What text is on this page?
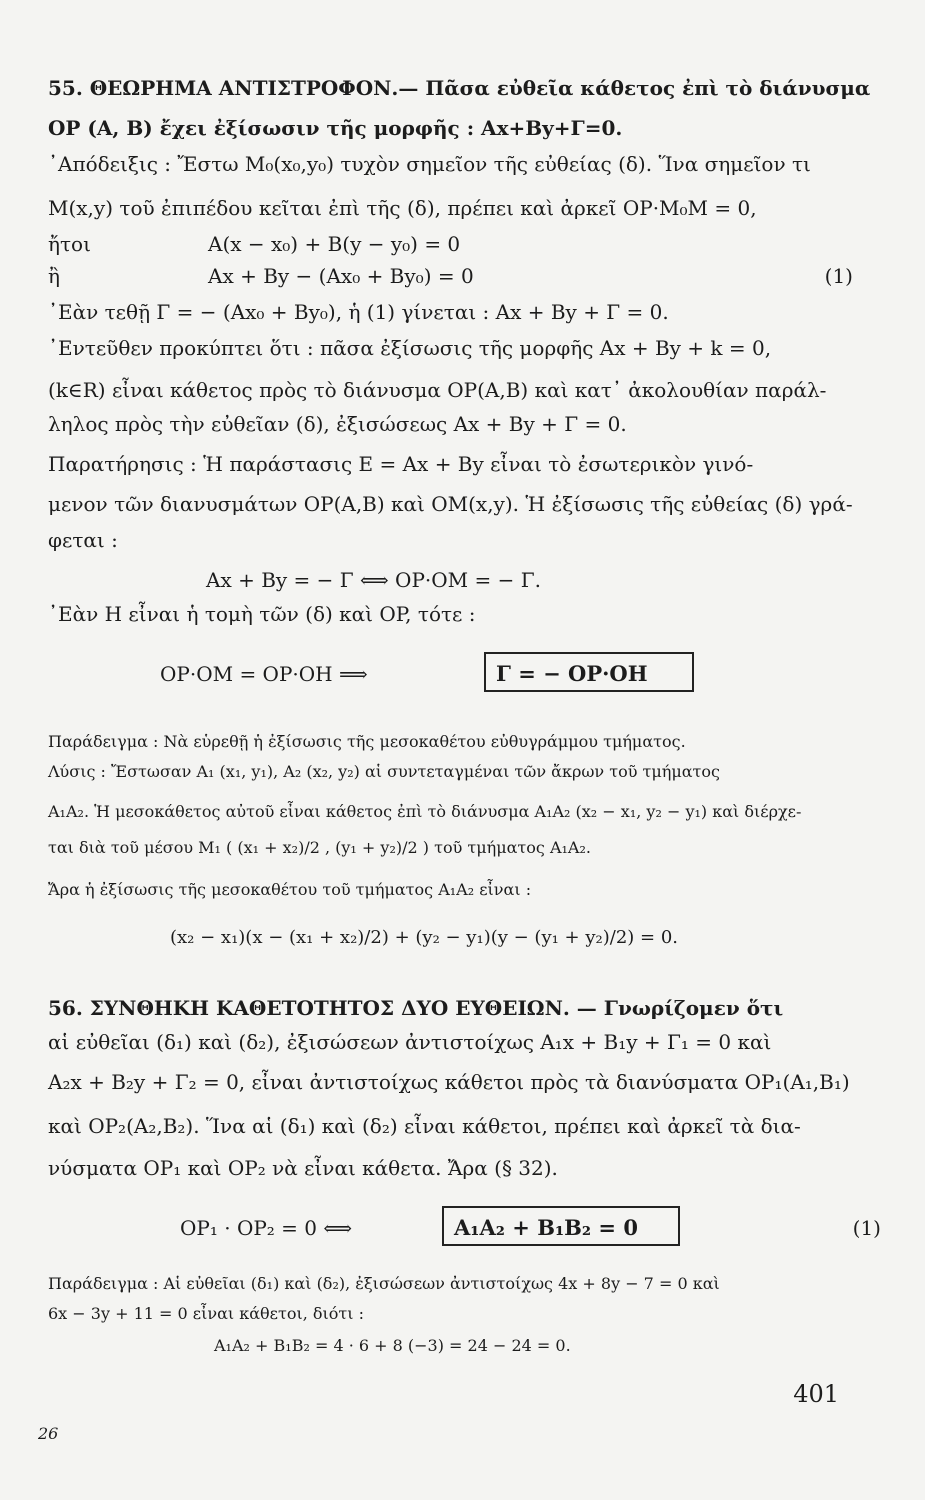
55. ΘΕΩΡΗΜΑ ΑΝΤΙΣΤΡΟΦΟΝ.— Πᾶσα εὐθεῖα κάθετος ἐπὶ τὸ διάνυσμα
OP (Α, Β) ἔχει ἐξίσωσιν τῆς μορφῆς : Ax+By+Γ=0.
᾿Απόδειξις : Ἔστω M₀(x₀,y₀) τυχὸν σημεῖον τῆς εὐθείας (δ). Ἵνα σημεῖον τι
M(x,y) τοῦ ἐπιπέδου κεῖται ἐπὶ τῆς (δ), πρέπει καὶ ἀρκεῖ OP·M₀M = 0,
ἤτοι	A(x − x₀) + B(y − y₀) = 0
ἢ	Ax + By − (Ax₀ + By₀) = 0	(1)
᾿Εὰν τεθῇ Γ = − (Ax₀ + By₀), ἡ (1) γίνεται : Ax + By + Γ = 0.
᾿Εντεῦθεν προκύπτει ὅτι : πᾶσα ἐξίσωσις τῆς μορφῆς Ax + By + k = 0,
(k∈R) εἶναι κάθετος πρὸς τὸ διάνυσμα OP(A,B) καὶ κατ᾿ ἀκολουθίαν παράλ-
ληλος πρὸς τὴν εὐθεῖαν (δ), ἐξισώσεως Ax + By + Γ = 0.
Παρατήρησις : Ἡ παράστασις E = Ax + By εἶναι τὸ ἐσωτερικὸν γινό-
μενον τῶν διανυσμάτων OP(A,B) καὶ OM(x,y). Ἡ ἐξίσωσις τῆς εὐθείας (δ) γρά-
φεται :
Ax + By = − Γ ⟺ OP·OM = − Γ.
᾿Εὰν Η εἶναι ἡ τομὴ τῶν (δ) καὶ OP, τότε :
OP·OM = OP·OH ⟹	Γ = − OP·OH
Παράδειγμα : Νὰ εὑρεθῇ ἡ ἐξίσωσις τῆς μεσοκαθέτου εὐθυγράμμου τμήματος.
Λύσις : Ἔστωσαν A₁ (x₁, y₁), A₂ (x₂, y₂) αἱ συντεταγμέναι τῶν ἄκρων τοῦ τμήματος
A₁A₂. Ἡ μεσοκάθετος αὐτοῦ εἶναι κάθετος ἐπὶ τὸ διάνυσμα A₁A₂ (x₂ − x₁, y₂ − y₁) καὶ διέρχε-
ται διὰ τοῦ μέσου M₁ ( (x₁ + x₂)/2 , (y₁ + y₂)/2 ) τοῦ τμήματος A₁A₂.
Ἄρα ἡ ἐξίσωσις τῆς μεσοκαθέτου τοῦ τμήματος A₁A₂ εἶναι :
(x₂ − x₁)(x − (x₁ + x₂)/2) + (y₂ − y₁)(y − (y₁ + y₂)/2) = 0.
56. ΣΥΝΘΗΚΗ ΚΑΘΕΤΟΤΗΤΟΣ ΔΥΟ ΕΥΘΕΙΩΝ. — Γνωρίζομεν ὅτι
αἱ εὐθεῖαι (δ₁) καὶ (δ₂), ἐξισώσεων ἀντιστοίχως A₁x + B₁y + Γ₁ = 0 καὶ
A₂x + B₂y + Γ₂ = 0, εἶναι ἀντιστοίχως κάθετοι πρὸς τὰ διανύσματα OP₁(A₁,B₁)
καὶ OP₂(A₂,B₂). Ἵνα αἱ (δ₁) καὶ (δ₂) εἶναι κάθετοι, πρέπει καὶ ἀρκεῖ τὰ δια-
νύσματα OP₁ καὶ OP₂ νὰ εἶναι κάθετα. Ἄρα (§ 32).
OP₁ · OP₂ = 0 ⟺	A₁A₂ + B₁B₂ = 0	(1)
Παράδειγμα : Αἱ εὐθεῖαι (δ₁) καὶ (δ₂), ἐξισώσεων ἀντιστοίχως 4x + 8y − 7 = 0 καὶ
6x − 3y + 11 = 0 εἶναι κάθετοι, διότι :
A₁A₂ + B₁B₂ = 4 · 6 + 8 (−3) = 24 − 24 = 0.
401
26
